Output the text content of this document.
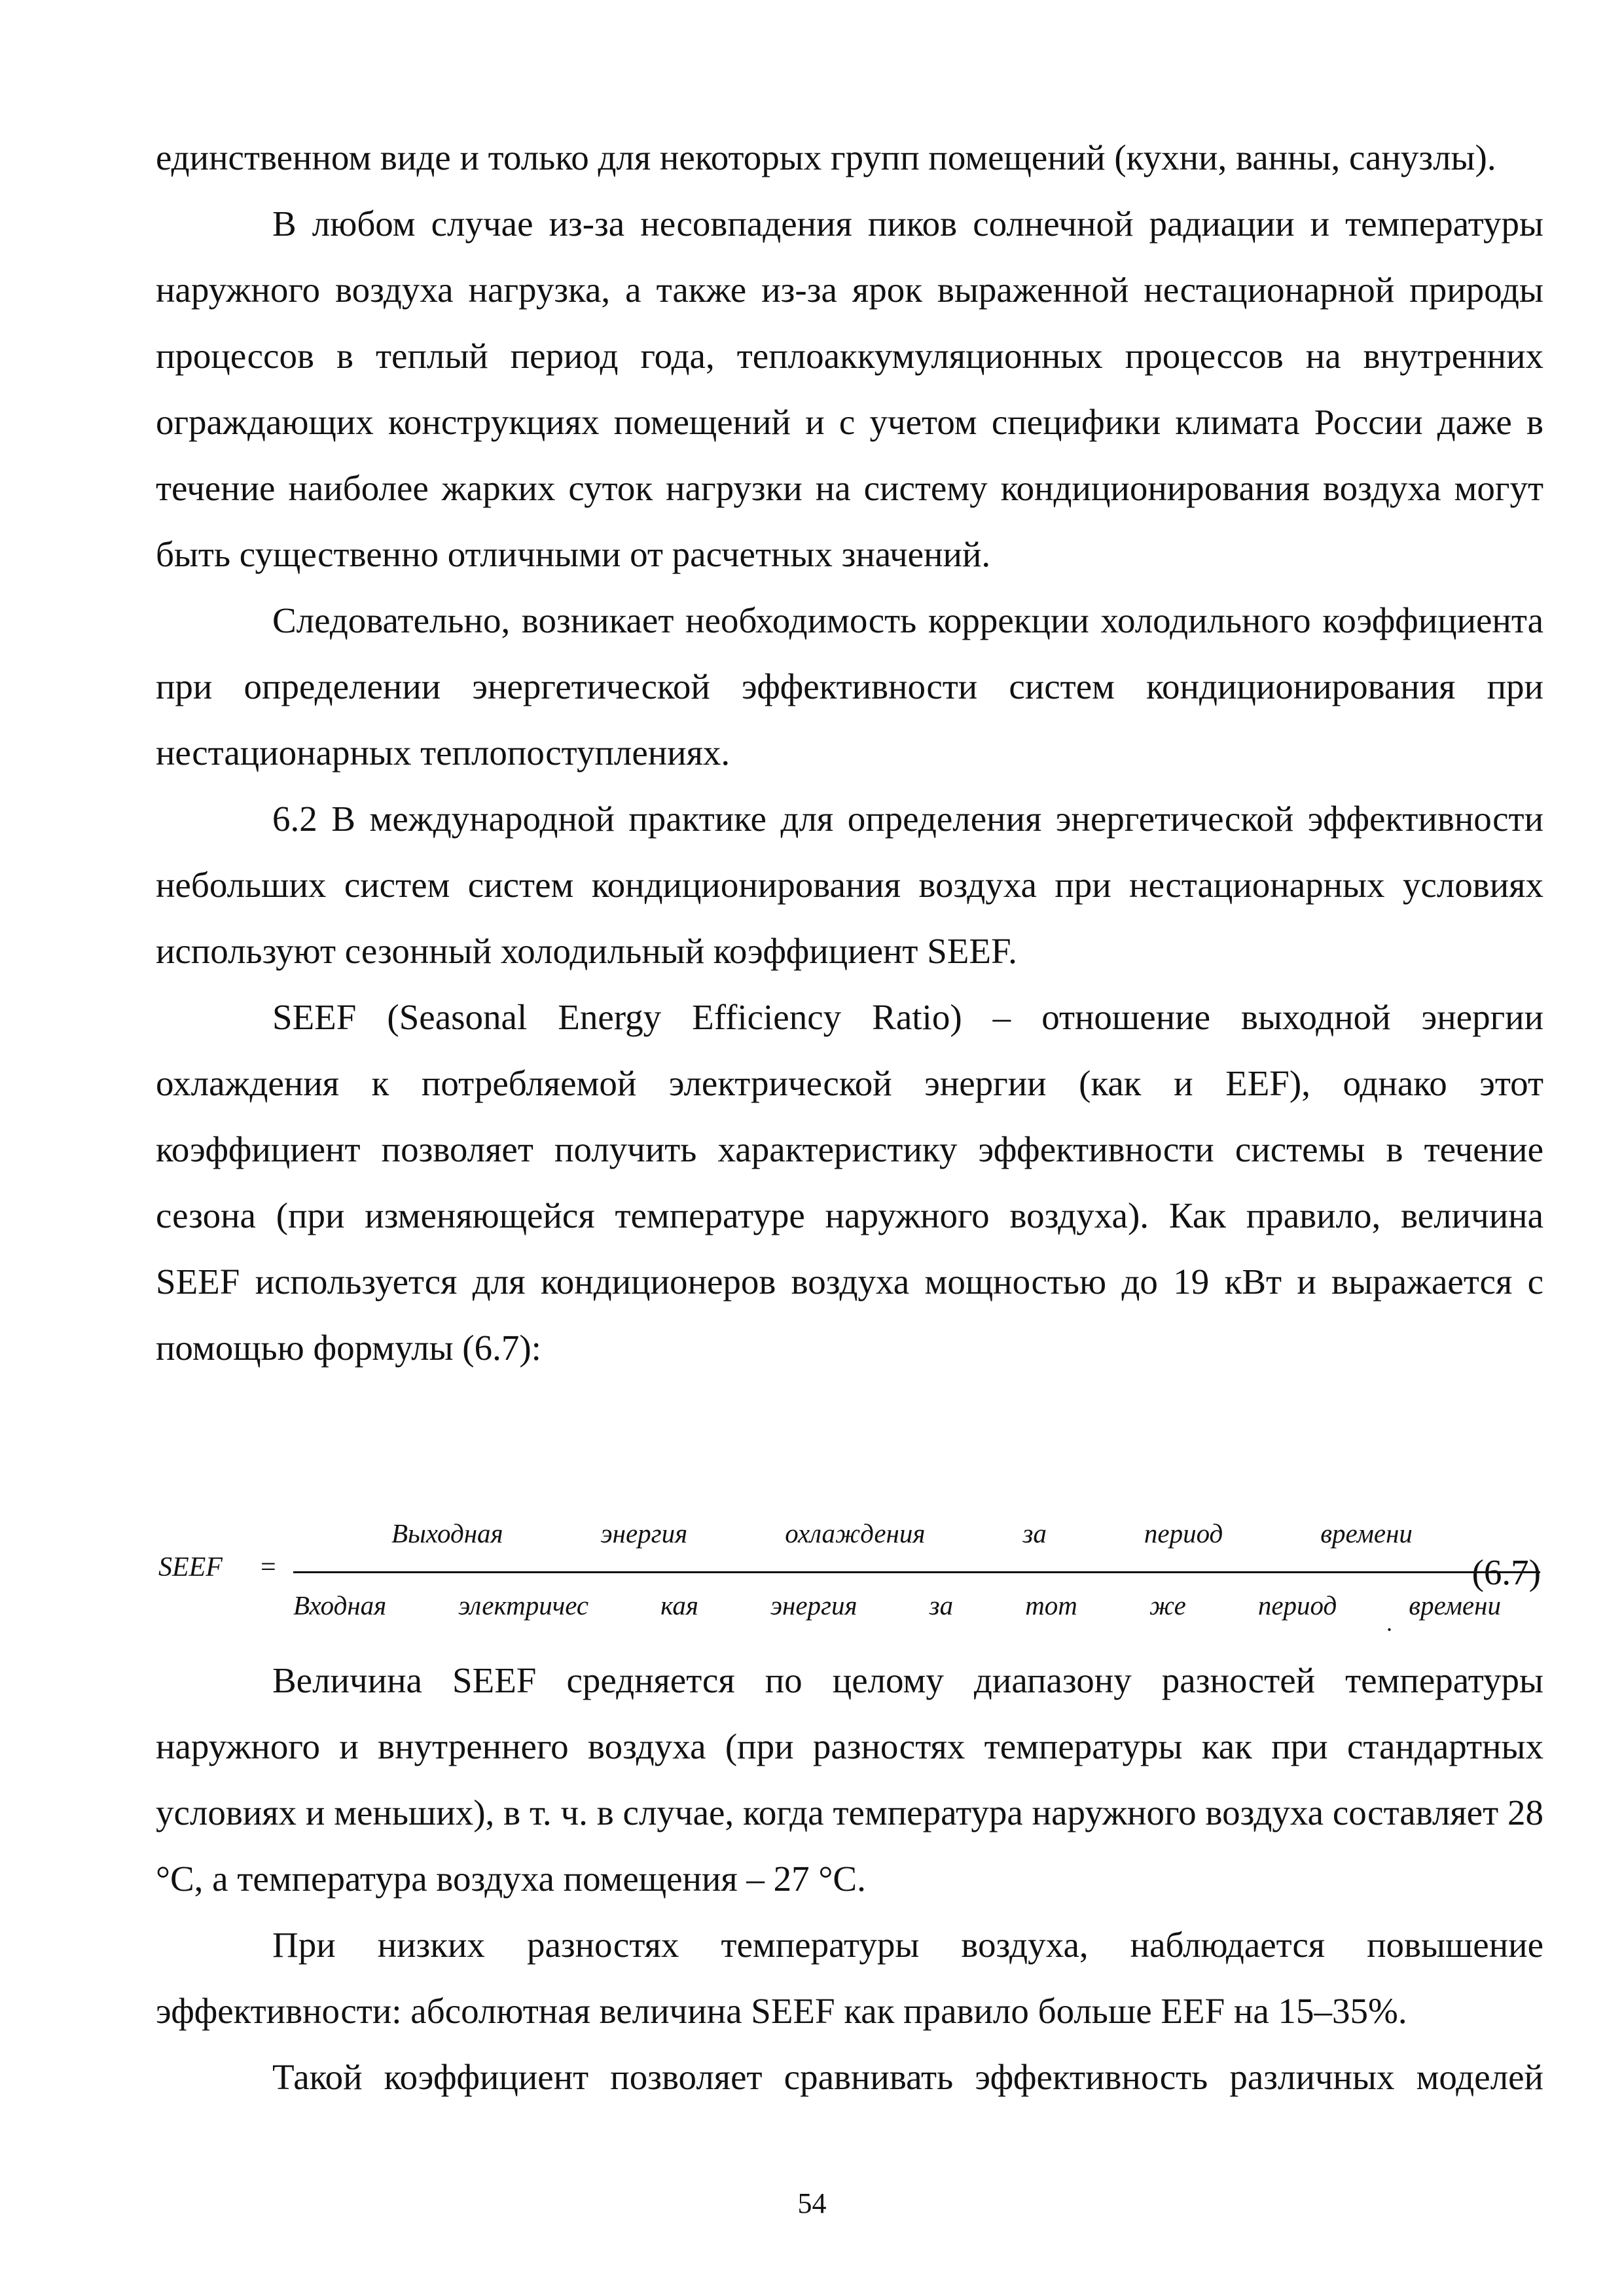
единственном виде и только для некоторых групп помещений (кухни, ванны, санузлы).

В любом случае из-за несовпадения пиков солнечной радиации и температуры наружного воздуха нагрузка, а также из-за ярок выраженной нестационарной природы процессов в теплый период года, теплоаккумуляционных процессов на внутренних ограждающих конструкциях помещений и с учетом специфики климата России даже в течение наиболее жарких суток нагрузки на систему кондиционирования воздуха могут быть существенно отличными от расчетных значений.

Следовательно, возникает необходимость коррекции холодильного коэффициента при определении энергетической эффективности систем кондиционирования при нестационарных теплопоступлениях.

6.2 В международной практике для определения энергетической эффективности небольших систем систем кондиционирования воздуха при нестационарных условиях используют сезонный холодильный коэффициент SEEF.

SEEF (Seasonal Energy Efficiency Ratio) – отношение выходной энергии охлаждения к потребляемой электрической энергии (как и EEF), однако этот коэффициент позволяет получить характеристику эффективности системы в течение сезона (при изменяющейся температуре наружного воздуха). Как правило, величина SEEF используется для кондиционеров воздуха мощностью до 19 кВт и выражается с помощью формулы (6.7):

SEEF =
Выходная	энергия	охлаждения	за	период	времени
Входная	электричес	кая	энергия	за	тот	же	период	времени
.
(6.7)

Величина SEEF средняется по целому диапазону разностей температуры наружного и внутреннего воздуха (при разностях температуры как при стандартных условиях и меньших), в т. ч. в случае, когда температура наружного воздуха составляет 28 °С, а температура воздуха помещения – 27 °С.

При низких разностях температуры воздуха, наблюдается повышение эффективности: абсолютная величина SEEF как правило больше EEF на 15–35%.

Такой коэффициент позволяет сравнивать эффективность различных моделей

54
